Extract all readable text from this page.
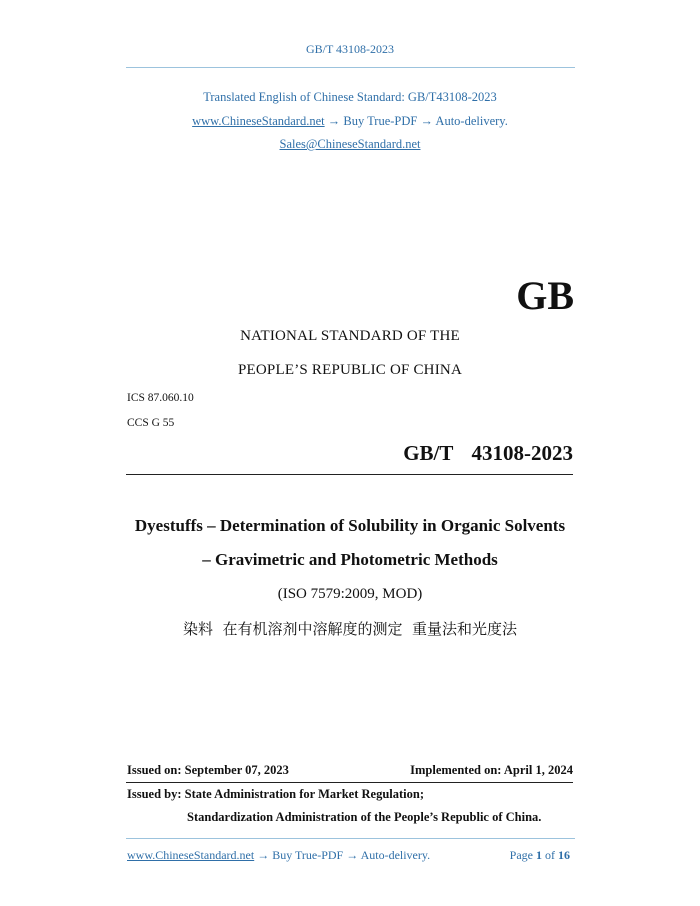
GB/T 43108-2023
Translated English of Chinese Standard: GB/T43108-2023
www.ChineseStandard.net → Buy True-PDF → Auto-delivery.
Sales@ChineseStandard.net
GB
NATIONAL STANDARD OF THE
PEOPLE’S REPUBLIC OF CHINA
ICS 87.060.10
CCS G 55
GB/T  43108-2023
Dyestuffs – Determination of Solubility in Organic Solvents
– Gravimetric and Photometric Methods
(ISO 7579:2009, MOD)
染料  在有机溶剂中溶解度的测定  重量法和光度法
Issued on: September 07, 2023	Implemented on: April 1, 2024
Issued by: State Administration for Market Regulation;
Standardization Administration of the People’s Republic of China.
www.ChineseStandard.net → Buy True-PDF → Auto-delivery.	Page 1 of 16
